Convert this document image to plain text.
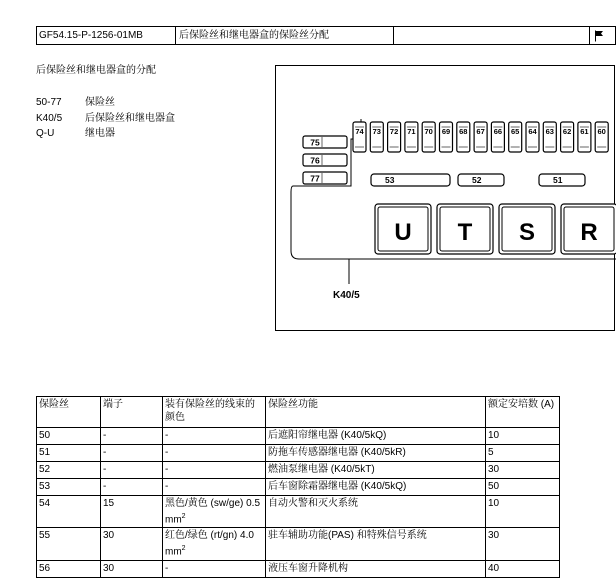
GF54.15-P-1256-01MB	后保险丝和继电器盒的保险丝分配
后保险丝和继电器盒的分配
50-77 保险丝
K40/5 后保险丝和继电器盒
Q-U	继电器
K40/5
74 73 72 71 70 69 68 67 66 65 64 63 62 61 60
75
76
77	53	52	51
U T S R
保险丝	端子	装有保险丝的线束的颜色	保险丝功能	额定安培数 (A)
50	-	-	后遮阳帘继电器 (K40/5kQ)	10
51	-	-	防拖车传感器继电器 (K40/5kR)	5
52	-	-	燃油泵继电器 (K40/5kT)	30
53	-	-	后车窗除霜器继电器 (K40/5kQ)	50
54	15	黑色/黄色 (sw/ge) 0.5 $mm^2$	自动火警和灭火系统	10
55	30	红色/绿色 (rt/gn) 4.0 $mm^2$	驻车辅助功能(PAS) 和特殊信号系统	30
56	30	-	液压车窗升降机构	40
